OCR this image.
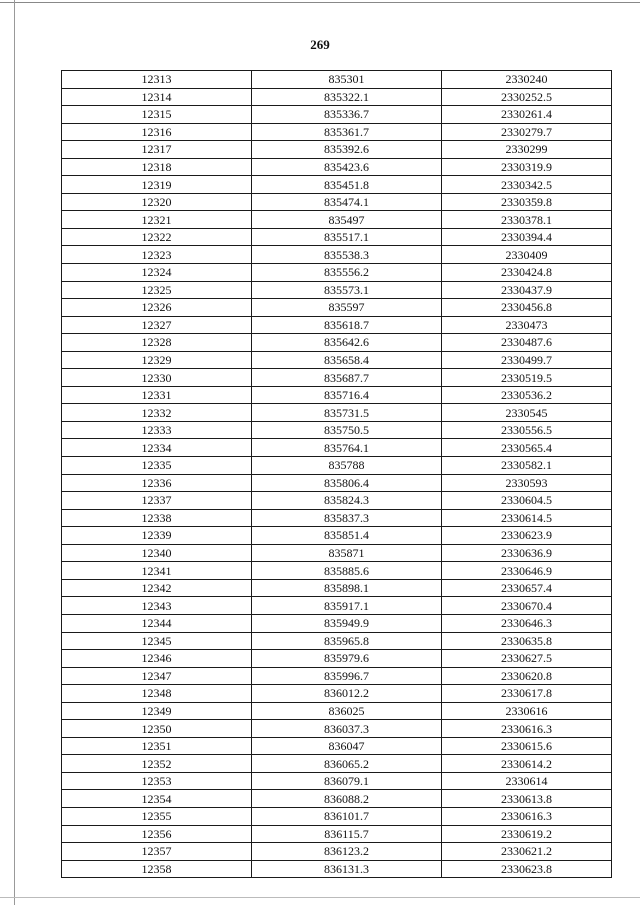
269
12313	835301	2330240
12314	835322.1	2330252.5
12315	835336.7	2330261.4
12316	835361.7	2330279.7
12317	835392.6	2330299
12318	835423.6	2330319.9
12319	835451.8	2330342.5
12320	835474.1	2330359.8
12321	835497	2330378.1
12322	835517.1	2330394.4
12323	835538.3	2330409
12324	835556.2	2330424.8
12325	835573.1	2330437.9
12326	835597	2330456.8
12327	835618.7	2330473
12328	835642.6	2330487.6
12329	835658.4	2330499.7
12330	835687.7	2330519.5
12331	835716.4	2330536.2
12332	835731.5	2330545
12333	835750.5	2330556.5
12334	835764.1	2330565.4
12335	835788	2330582.1
12336	835806.4	2330593
12337	835824.3	2330604.5
12338	835837.3	2330614.5
12339	835851.4	2330623.9
12340	835871	2330636.9
12341	835885.6	2330646.9
12342	835898.1	2330657.4
12343	835917.1	2330670.4
12344	835949.9	2330646.3
12345	835965.8	2330635.8
12346	835979.6	2330627.5
12347	835996.7	2330620.8
12348	836012.2	2330617.8
12349	836025	2330616
12350	836037.3	2330616.3
12351	836047	2330615.6
12352	836065.2	2330614.2
12353	836079.1	2330614
12354	836088.2	2330613.8
12355	836101.7	2330616.3
12356	836115.7	2330619.2
12357	836123.2	2330621.2
12358	836131.3	2330623.8
